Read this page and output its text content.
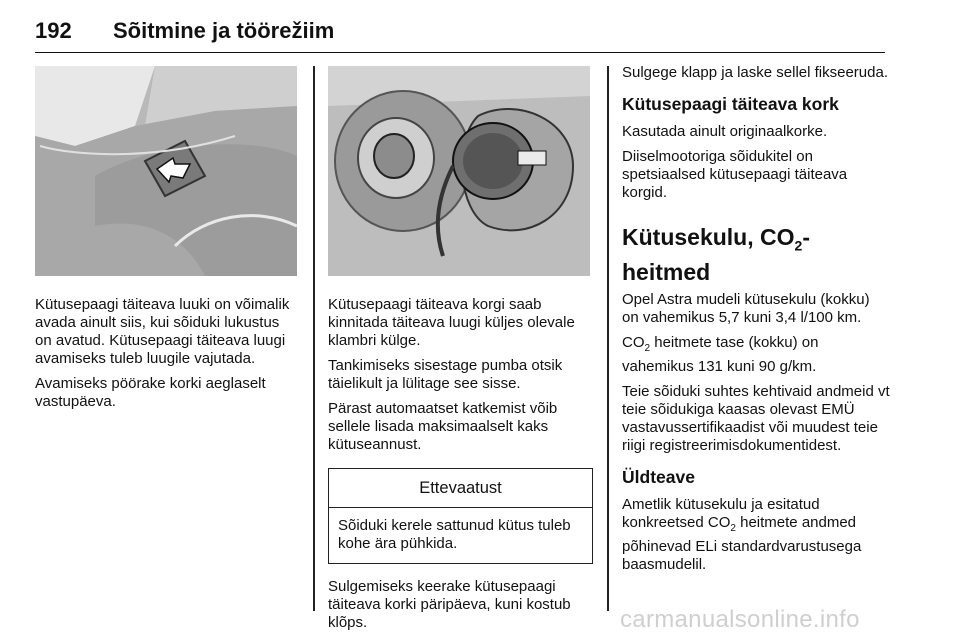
192 Sõitmine ja töörežiim

Kütusepaagi täiteava luuki on võimalik avada ainult siis, kui sõiduki lukustus on avatud. Kütusepaagi täiteava luugi avamiseks tuleb luugile vajutada.

Avamiseks pöörake korki aeglaselt vastupäeva.

Kütusepaagi täiteava korgi saab kinnitada täiteava luugi küljes olevale klambri külge.

Tankimiseks sisestage pumba otsik täielikult ja lülitage see sisse.

Pärast automaatset katkemist võib sellele lisada maksimaalselt kaks kütuseannust.

Ettevaatust
Sõiduki kerele sattunud kütus tuleb kohe ära pühkida.

Sulgemiseks keerake kütusepaagi täiteava korki päripäeva, kuni kostub klõps.

Sulgege klapp ja laske sellel fikseeruda.

Kütusepaagi täiteava kork

Kasutada ainult originaalkorke.

Diiselmootoriga sõidukitel on spetsiaalsed kütusepaagi täiteava korgid.

Kütusekulu, $CO_2$-heitmed

Opel Astra mudeli kütusekulu (kokku) on vahemikus 5,7 kuni 3,4 l/100 km.

$CO_2$ heitmete tase (kokku) on vahemikus 131 kuni 90 g/km.

Teie sõiduki suhtes kehtivaid andmeid vt teie sõidukiga kaasas olevast EMÜ vastavussertifikaadist või muudest teie riigi registreerimisdokumentidest.

Üldteave

Ametlik kütusekulu ja esitatud konkreetsed $CO_2$ heitmete andmed põhinevad ELi standardvarustusega baasmudelil.

carmanualsonline.info
